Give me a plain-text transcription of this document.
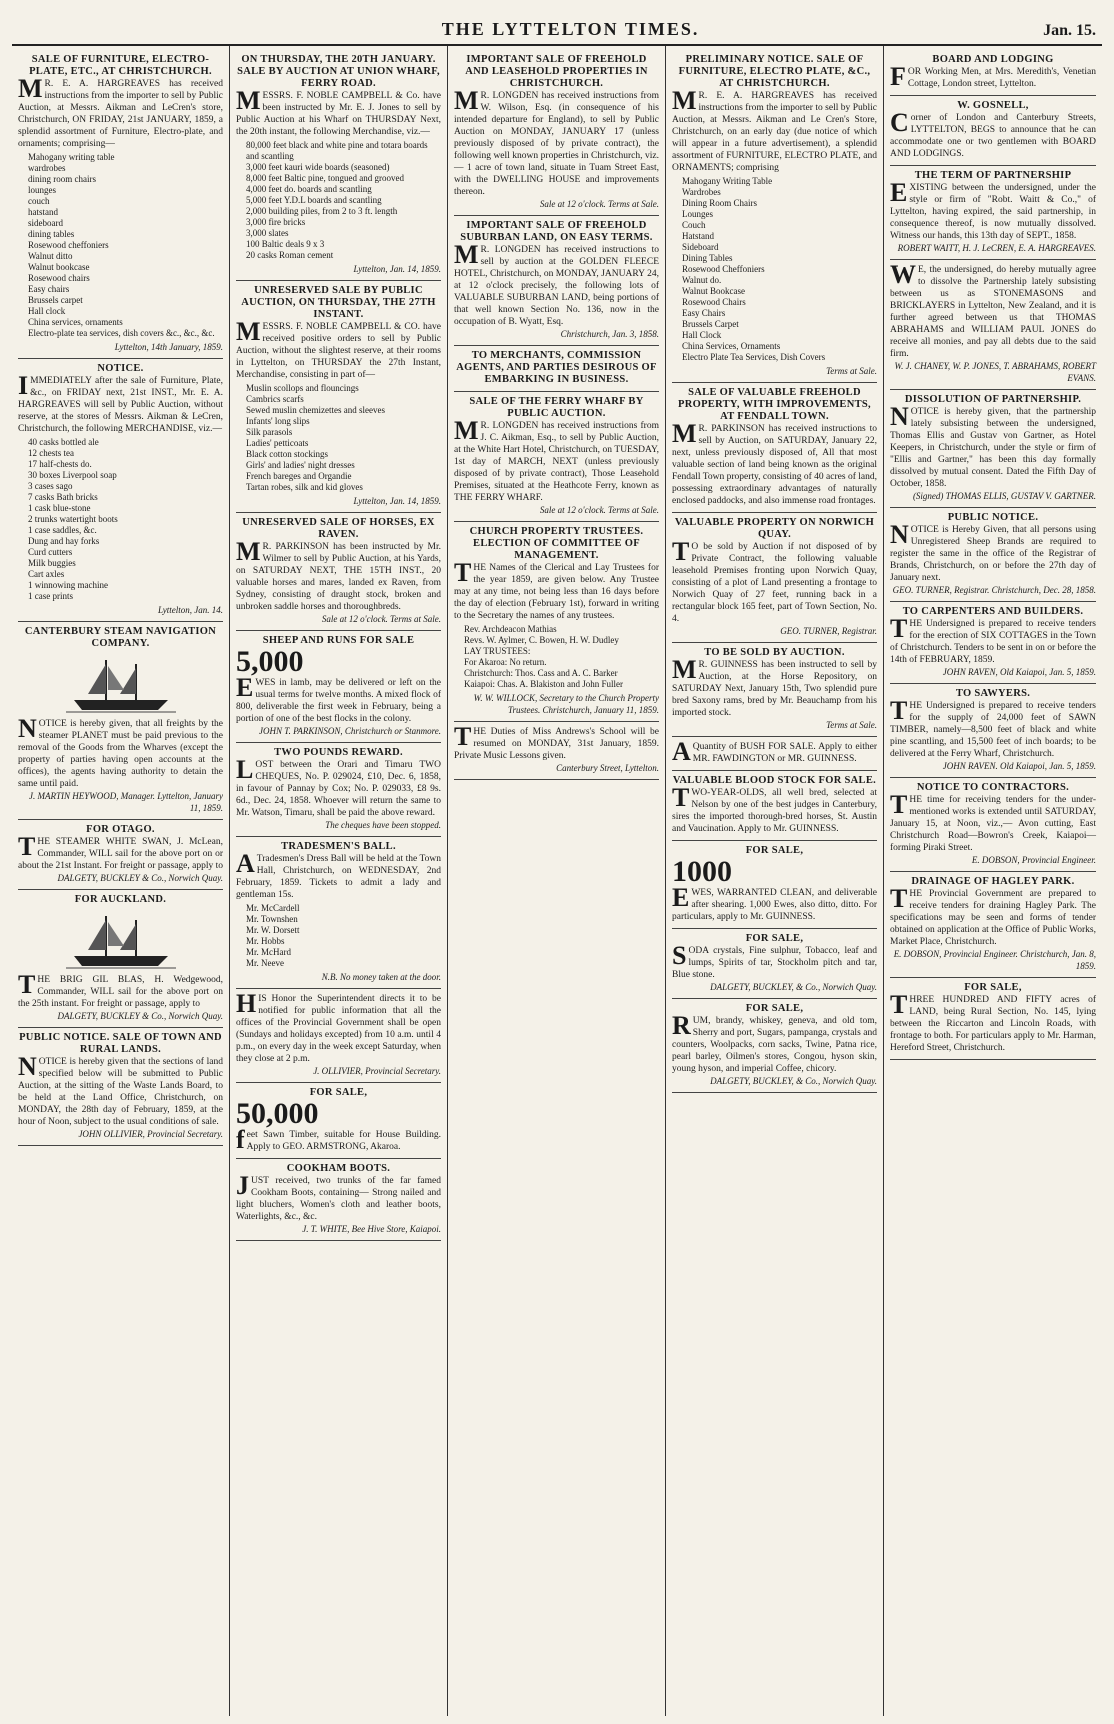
THE LYTTELTON TIMES.	Jan. 15.
SALE OF FURNITURE, ELECTRO-PLATE, ETC., AT CHRISTCHURCH.
MR. E. A. HARGREAVES has received instructions from the importer to sell by Public Auction, at Messrs. Aikman and LeCren's store, Christchurch, ON FRIDAY, 21st JANUARY, 1859, a splendid assortment of Furniture, Electro-plate, and ornaments; comprising—
Mahogany writing table
wardrobes
dining room chairs
lounges
couch
hatstand
sideboard
dining tables
Rosewood cheffoniers
Walnut ditto
Walnut bookcase
Rosewood chairs
Easy chairs
Brussels carpet
Hall clock
China services, ornaments
Electro-plate tea services, dish covers &c., &c., &c.
Lyttelton, 14th January, 1859.
NOTICE.
IMMEDIATELY after the sale of Furniture, Plate, &c., on FRIDAY next, 21st INST., Mr. E. A. HARGREAVES will sell by Public Auction, without reserve, at the stores of Messrs. Aikman & LeCren, Christchurch, the following MERCHANDISE, viz.—
40 casks bottled ale
12 chests tea
17 half-chests do.
30 boxes Liverpool soap
3 cases sago
7 casks Bath bricks
1 cask blue-stone
2 trunks watertight boots
1 case saddles, &c.
Dung and hay forks
Curd cutters
Milk buggies
Cart axles
1 winnowing machine
1 case prints
Lyttelton, Jan. 14.
CANTERBURY STEAM NAVIGATION COMPANY.
NOTICE is hereby given, that all freights by the steamer PLANET must be paid previous to the removal of the Goods from the Wharves (except the property of parties having open accounts at the offices), the agents having authority to detain the same until paid.
J. MARTIN HEYWOOD, Manager. Lyttelton, January 11, 1859.
FOR OTAGO.
THE STEAMER WHITE SWAN, J. McLean, Commander, WILL sail for the above port on or about the 21st Instant. For freight or passage, apply to
DALGETY, BUCKLEY & Co., Norwich Quay.
FOR AUCKLAND.
THE BRIG GIL BLAS, H. Wedgewood, Commander, WILL sail for the above port on the 25th instant. For freight or passage, apply to
DALGETY, BUCKLEY & Co., Norwich Quay.
PUBLIC NOTICE. SALE OF TOWN AND RURAL LANDS.
NOTICE is hereby given that the sections of land specified below will be submitted to Public Auction, at the sitting of the Waste Lands Board, to be held at the Land Office, Christchurch, on MONDAY, the 28th day of February, 1859, at the hour of Noon, subject to the usual conditions of sale.
JOHN OLLIVIER, Provincial Secretary.
ON THURSDAY, THE 20TH JANUARY. SALE BY AUCTION AT UNION WHARF, FERRY ROAD.
MESSRS. F. NOBLE CAMPBELL & Co. have been instructed by Mr. E. J. Jones to sell by Public Auction at his Wharf on THURSDAY Next, the 20th instant, the following Merchandise, viz.—
80,000 feet black and white pine and totara boards and scantling
3,000 feet kauri wide boards (seasoned)
8,000 feet Baltic pine, tongued and grooved
4,000 feet do. boards and scantling
5,000 feet Y.D.L boards and scantling
2,000 building piles, from 2 to 3 ft. length
3,000 fire bricks
3,000 slates
100 Baltic deals 9 x 3
20 casks Roman cement
Lyttelton, Jan. 14, 1859.
UNRESERVED SALE BY PUBLIC AUCTION, ON THURSDAY, THE 27TH INSTANT.
MESSRS. F. NOBLE CAMPBELL & CO. have received positive orders to sell by Public Auction, without the slightest reserve, at their rooms in Lyttelton, on THURSDAY the 27th Instant, Merchandise, consisting in part of—
Muslin scollops and flouncings
Cambrics scarfs
Sewed muslin chemizettes and sleeves
Infants' long slips
Silk parasols
Ladies' petticoats
Black cotton stockings
Girls' and ladies' night dresses
French bareges and Organdie
Tartan robes, silk and kid gloves
Lyttelton, Jan. 14, 1859.
UNRESERVED SALE OF HORSES, EX RAVEN.
MR. PARKINSON has been instructed by Mr. Wilmer to sell by Public Auction, at his Yards, on SATURDAY NEXT, THE 15TH INST., 20 valuable horses and mares, landed ex Raven, from Sydney, consisting of draught stock, broken and unbroken saddle horses and thoroughbreds.
Sale at 12 o'clock. Terms at Sale.
SHEEP AND RUNS FOR SALE
5,000
EWES in lamb, may be delivered or left on the usual terms for twelve months. A mixed flock of 800, deliverable the first week in February, being a portion of one of the best flocks in the colony.
JOHN T. PARKINSON, Christchurch or Stanmore.
TWO POUNDS REWARD.
LOST between the Orari and Timaru TWO CHEQUES, No. P. 029024, £10, Dec. 6, 1858, in favour of Pannay by Cox; No. P. 029033, £8 9s. 6d., Dec. 24, 1858. Whoever will return the same to Mr. Watson, Timaru, shall be paid the above reward.
The cheques have been stopped.
TRADESMEN'S BALL.
ATradesmen's Dress Ball will be held at the Town Hall, Christchurch, on WEDNESDAY, 2nd February, 1859. Tickets to admit a lady and gentleman 15s.
Mr. McCardell
Mr. Townshen
Mr. W. Dorsett
Mr. Hobbs
Mr. McHard
Mr. Neeve
N.B. No money taken at the door.
HIS Honor the Superintendent directs it to be notified for public information that all the offices of the Provincial Government shall be open (Sundays and holidays excepted) from 10 a.m. until 4 p.m., on every day in the week except Saturday, when they close at 2 p.m.
J. OLLIVIER, Provincial Secretary.
FOR SALE,
50,000
feet Sawn Timber, suitable for House Building. Apply to GEO. ARMSTRONG, Akaroa.
COOKHAM BOOTS.
JUST received, two trunks of the far famed Cookham Boots, containing— Strong nailed and light bluchers, Women's cloth and leather boots, Waterlights, &c., &c.
J. T. WHITE, Bee Hive Store, Kaiapoi.
IMPORTANT SALE OF FREEHOLD AND LEASEHOLD PROPERTIES IN CHRISTCHURCH.
MR. LONGDEN has received instructions from W. Wilson, Esq. (in consequence of his intended departure for England), to sell by Public Auction on MONDAY, JANUARY 17 (unless previously disposed of by private contract), the following well known properties in Christchurch, viz.— 1 acre of town land, situate in Tuam Street East, with the DWELLING HOUSE and improvements thereon.
Sale at 12 o'clock. Terms at Sale.
IMPORTANT SALE OF FREEHOLD SUBURBAN LAND, ON EASY TERMS.
MR. LONGDEN has received instructions to sell by auction at the GOLDEN FLEECE HOTEL, Christchurch, on MONDAY, JANUARY 24, at 12 o'clock precisely, the following lots of VALUABLE SUBURBAN LAND, being portions of that well known Section No. 136, now in the occupation of B. Wyatt, Esq.
Christchurch, Jan. 3, 1858.
TO MERCHANTS, COMMISSION AGENTS, AND PARTIES DESIROUS OF EMBARKING IN BUSINESS.
SALE OF THE FERRY WHARF BY PUBLIC AUCTION.
MR. LONGDEN has received instructions from J. C. Aikman, Esq., to sell by Public Auction, at the White Hart Hotel, Christchurch, on TUESDAY, 1st day of MARCH, NEXT (unless previously disposed of by private contract), Those Leasehold Premises, situated at the Heathcote Ferry, known as THE FERRY WHARF.
Sale at 12 o'clock. Terms at Sale.
CHURCH PROPERTY TRUSTEES. ELECTION OF COMMITTEE OF MANAGEMENT.
THE Names of the Clerical and Lay Trustees for the year 1859, are given below. Any Trustee may at any time, not being less than 16 days before the day of election (February 1st), forward in writing to the Secretary the names of any trustees.
Rev. Archdeacon Mathias
Revs. W. Aylmer, C. Bowen, H. W. Dudley
LAY TRUSTEES:
For Akaroa: No return.
Christchurch: Thos. Cass and A. C. Barker
Kaiapoi: Chas. A. Blakiston and John Fuller
W. W. WILLOCK, Secretary to the Church Property Trustees. Christchurch, January 11, 1859.
THE Duties of Miss Andrews's School will be resumed on MONDAY, 31st January, 1859. Private Music Lessons given.
Canterbury Street, Lyttelton.
PRELIMINARY NOTICE. SALE OF FURNITURE, ELECTRO PLATE, &C., AT CHRISTCHURCH.
MR. E. A. HARGREAVES has received instructions from the importer to sell by Public Auction, at Messrs. Aikman and Le Cren's Store, Christchurch, on an early day (due notice of which will appear in a future advertisement), a splendid assortment of FURNITURE, ELECTRO PLATE, and ORNAMENTS; comprising
Mahogany Writing Table
Wardrobes
Dining Room Chairs
Lounges
Couch
Hatstand
Sideboard
Dining Tables
Rosewood Cheffoniers
Walnut do.
Walnut Bookcase
Rosewood Chairs
Easy Chairs
Brussels Carpet
Hall Clock
China Services, Ornaments
Electro Plate Tea Services, Dish Covers
Terms at Sale.
SALE OF VALUABLE FREEHOLD PROPERTY, WITH IMPROVEMENTS, AT FENDALL TOWN.
MR. PARKINSON has received instructions to sell by Auction, on SATURDAY, January 22, next, unless previously disposed of, All that most valuable section of land being known as the original Fendall Town property, consisting of 40 acres of land, possessing extraordinary advantages of naturally enclosed paddocks, and also immense road frontages.
VALUABLE PROPERTY ON NORWICH QUAY.
TO be sold by Auction if not disposed of by Private Contract, the following valuable leasehold Premises fronting upon Norwich Quay, consisting of a plot of Land presenting a frontage to Norwich Quay of 27 feet, running back in a rectangular block 165 feet, part of Town Section, No. 4.
GEO. TURNER, Registrar.
TO BE SOLD BY AUCTION.
MR. GUINNESS has been instructed to sell by Auction, at the Horse Repository, on SATURDAY Next, January 15th, Two splendid pure bred Saxony rams, bred by Mr. Beauchamp from his imported stock.
Terms at Sale.
AQuantity of BUSH FOR SALE. Apply to either MR. FAWDINGTON or MR. GUINNESS.
VALUABLE BLOOD STOCK FOR SALE.
TWO-YEAR-OLDS, all well bred, selected at Nelson by one of the best judges in Canterbury, sires the imported thorough-bred horses, St. Austin and Vaucination. Apply to Mr. GUINNESS.
FOR SALE,
1000
EWES, WARRANTED CLEAN, and deliverable after shearing. 1,000 Ewes, also ditto, ditto. For particulars, apply to Mr. GUINNESS.
FOR SALE,
SODA crystals, Fine sulphur, Tobacco, leaf and lumps, Spirits of tar, Stockholm pitch and tar, Blue stone.
DALGETY, BUCKLEY, & Co., Norwich Quay.
FOR SALE,
RUM, brandy, whiskey, geneva, and old tom, Sherry and port, Sugars, pampanga, crystals and counters, Woolpacks, corn sacks, Twine, Patna rice, pearl barley, Oilmen's stores, Congou, hyson skin, young hyson, and imperial Coffee, chicory.
DALGETY, BUCKLEY, & Co., Norwich Quay.
BOARD AND LODGING
FOR Working Men, at Mrs. Meredith's, Venetian Cottage, London street, Lyttelton.
W. GOSNELL,
Corner of London and Canterbury Streets, LYTTELTON, BEGS to announce that he can accommodate one or two gentlemen with BOARD AND LODGINGS.
THE TERM OF PARTNERSHIP
EXISTING between the undersigned, under the style or firm of "Robt. Waitt & Co.," of Lyttelton, having expired, the said partnership, in consequence thereof, is now mutually dissolved. Witness our hands, this 13th day of SEPT., 1858.
ROBERT WAITT, H. J. LeCREN, E. A. HARGREAVES.
WE, the undersigned, do hereby mutually agree to dissolve the Partnership lately subsisting between us as STONEMASONS and BRICKLAYERS in Lyttelton, New Zealand, and it is further agreed between us that THOMAS ABRAHAMS and WILLIAM PAUL JONES do receive all monies, and pay all debts due to the said firm.
W. J. CHANEY, W. P. JONES, T. ABRAHAMS, ROBERT EVANS.
DISSOLUTION OF PARTNERSHIP.
NOTICE is hereby given, that the partnership lately subsisting between the undersigned, Thomas Ellis and Gustav von Gartner, as Hotel Keepers, in Christchurch, under the style or firm of "Ellis and Gartner," has been this day formally dissolved by mutual consent. Dated the Fifth Day of October, 1858.
(Signed) THOMAS ELLIS, GUSTAV V. GARTNER.
PUBLIC NOTICE.
NOTICE is Hereby Given, that all persons using Unregistered Sheep Brands are required to register the same in the office of the Registrar of Brands, Christchurch, on or before the 27th day of January next.
GEO. TURNER, Registrar. Christchurch, Dec. 28, 1858.
TO CARPENTERS AND BUILDERS.
THE Undersigned is prepared to receive tenders for the erection of SIX COTTAGES in the Town of Christchurch. Tenders to be sent in on or before the 14th of FEBRUARY, 1859.
JOHN RAVEN, Old Kaiapoi, Jan. 5, 1859.
TO SAWYERS.
THE Undersigned is prepared to receive tenders for the supply of 24,000 feet of SAWN TIMBER, namely—8,500 feet of black and white pine scantling, and 15,500 feet of inch boards; to be delivered at the Ferry Wharf, Christchurch.
JOHN RAVEN. Old Kaiapoi, Jan. 5, 1859.
NOTICE TO CONTRACTORS.
THE time for receiving tenders for the under-mentioned works is extended until SATURDAY, January 15, at Noon, viz.,— Avon cutting, East Christchurch Road—Bowron's Creek, Kaiapoi—forming Piraki Street.
E. DOBSON, Provincial Engineer.
DRAINAGE OF HAGLEY PARK.
THE Provincial Government are prepared to receive tenders for draining Hagley Park. The specifications may be seen and forms of tender obtained on application at the Office of Public Works, Market Place, Christchurch.
E. DOBSON, Provincial Engineer. Christchurch, Jan. 8, 1859.
FOR SALE,
THREE HUNDRED AND FIFTY acres of LAND, being Rural Section, No. 145, lying between the Riccarton and Lincoln Roads, with frontage to both. For particulars apply to Mr. Harman, Hereford Street, Christchurch.
